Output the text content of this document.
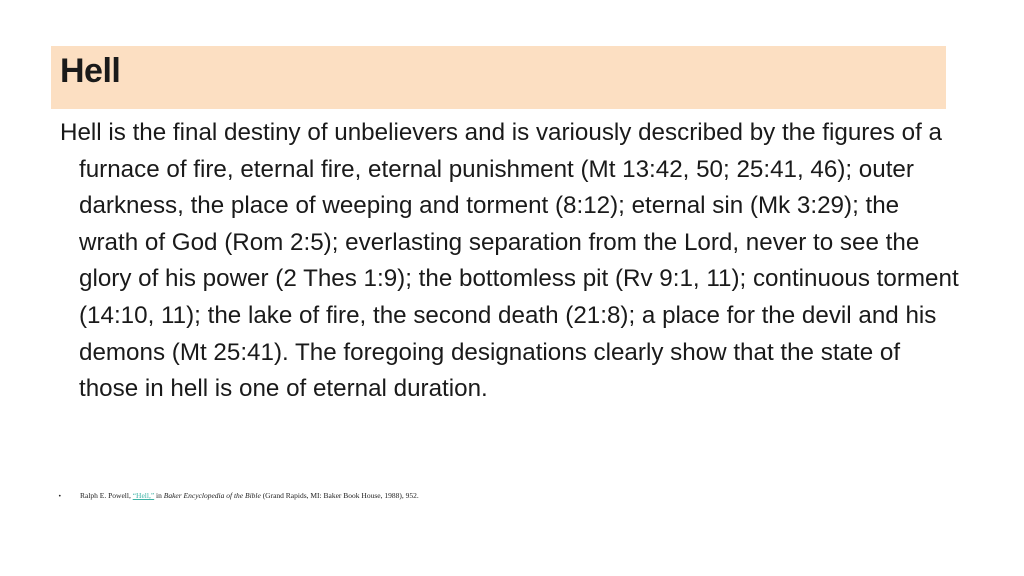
Hell

Hell is the final destiny of unbelievers and is variously described by the figures of a furnace of fire, eternal fire, eternal punishment (Mt 13:42, 50; 25:41, 46); outer darkness, the place of weeping and torment (8:12); eternal sin (Mk 3:29); the wrath of God (Rom 2:5); everlasting separation from the Lord, never to see the glory of his power (2 Thes 1:9); the bottomless pit (Rv 9:1, 11); continuous torment (14:10, 11); the lake of fire, the second death (21:8); a place for the devil and his demons (Mt 25:41). The foregoing designations clearly show that the state of those in hell is one of eternal duration.

• Ralph E. Powell, “Hell,” in Baker Encyclopedia of the Bible (Grand Rapids, MI: Baker Book House, 1988), 952.
